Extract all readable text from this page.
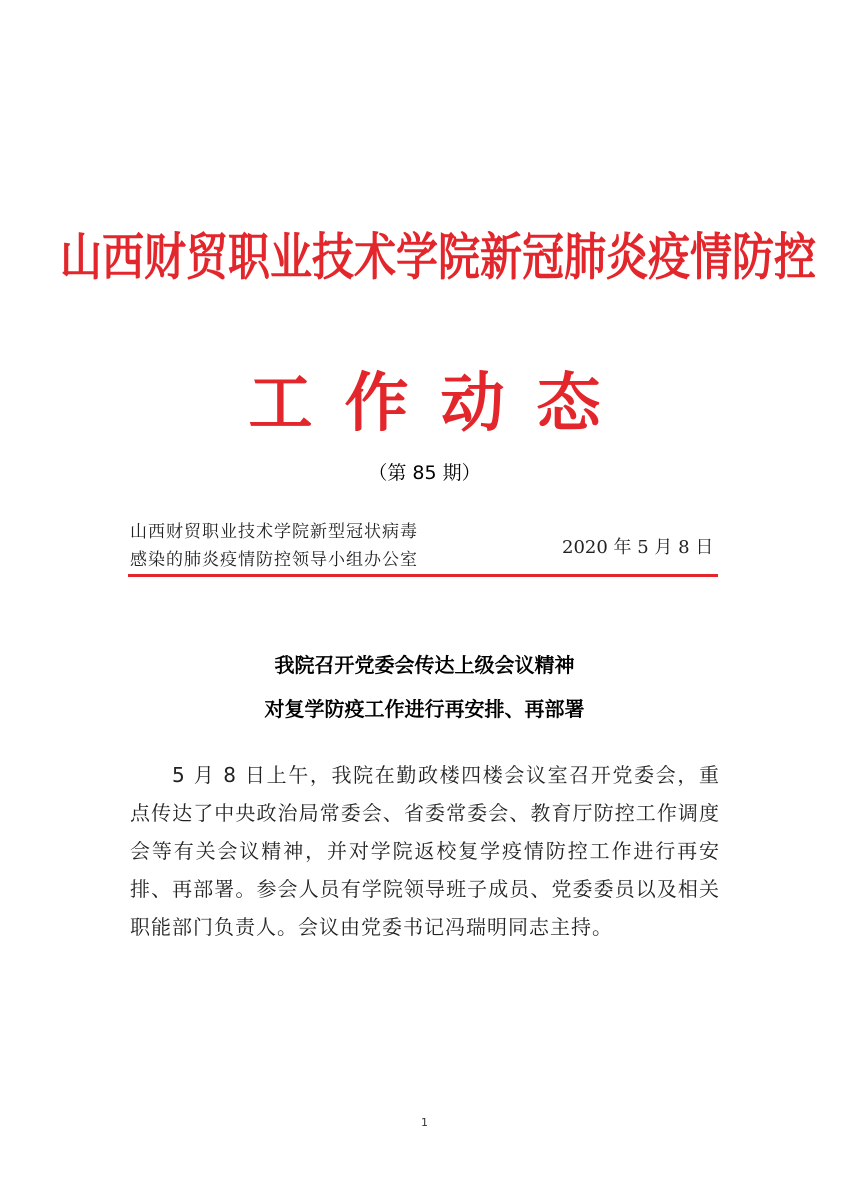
山西财贸职业技术学院新冠肺炎疫情防控
工作动态
（第 85 期）
山西财贸职业技术学院新型冠状病毒
感染的肺炎疫情防控领导小组办公室
2020 年 5 月 8 日
我院召开党委会传达上级会议精神
对复学防疫工作进行再安排、再部署

5 月 8 日上午，我院在勤政楼四楼会议室召开党委会，重点传达了中央政治局常委会、省委常委会、教育厅防控工作调度会等有关会议精神，并对学院返校复学疫情防控工作进行再安排、再部署。参会人员有学院领导班子成员、党委委员以及相关职能部门负责人。会议由党委书记冯瑞明同志主持。

1
